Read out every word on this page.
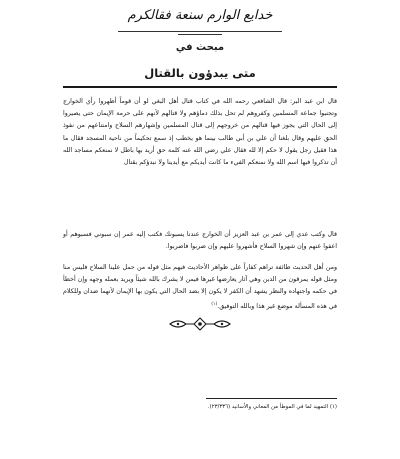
خدايع الوارم سنعة فقالكرم
مبحث في
متى يبدؤون بالقتال

قال ابن عبد البر: قال الشافعي رحمه الله في كتاب قتال أهل البغي لو أن قوماً أظهروا رأي الخوارج وتجنبوا جماعة المسلمين وكفروهم لم تحل بذلك دماؤهم ولا قتالهم لأنهم على حرمة الإيمان حتى يصيروا إلى الحال التي يجوز فيها قتالهم من خروجهم إلى قتال المسلمين وإشهارهم السلاح وامتناعهم من نفوذ الحق عليهم وقال بلغنا أن علي بن أبي طالب بينما هو يخطب إذ سمع تحكيماً من ناحية المسجد فقال ما هذا فقيل رجل يقول لا حكم إلا لله فقال علي رضي الله عنه كلمة حق أريد بها باطل لا نمنعكم مساجد الله أن تذكروا فيها اسم الله ولا نمنعكم الفيء ما كانت أيديكم مع أيدينا ولا نبدؤكم بقتال

قال وكتب عدي إلى عمر بن عبد العزيز أن الخوارج عندنا يسبونك فكتب إليه عمر إن سبوني فسبوهم أو اعفوا عنهم وإن شهروا السلاح فأشهروا عليهم وإن ضربوا فاضربوا.

ومن أهل الحديث طائفة تراهم كفاراً على ظواهر الأحاديث فيهم مثل قوله من حمل علينا السلاح فليس منا ومثل قوله يمرقون من الدين وهي آثار يعارضها غيرها فيمن لا يشرك بالله شيئاً ويريد بعمله وجهه وإن أخطأ في حكمه واجتهاده والنظر يشهد أن الكفر لا يكون إلا بضد الحال التي يكون بها الإيمان لأنهما ضدان وللكلام في هذه المسألة موضع غير هذا وبالله التوفيق.$^{(١)}$

(١) التمهيد لما في الموطأ من المعاني والأسانيد (٢٣/٣٣٦).
